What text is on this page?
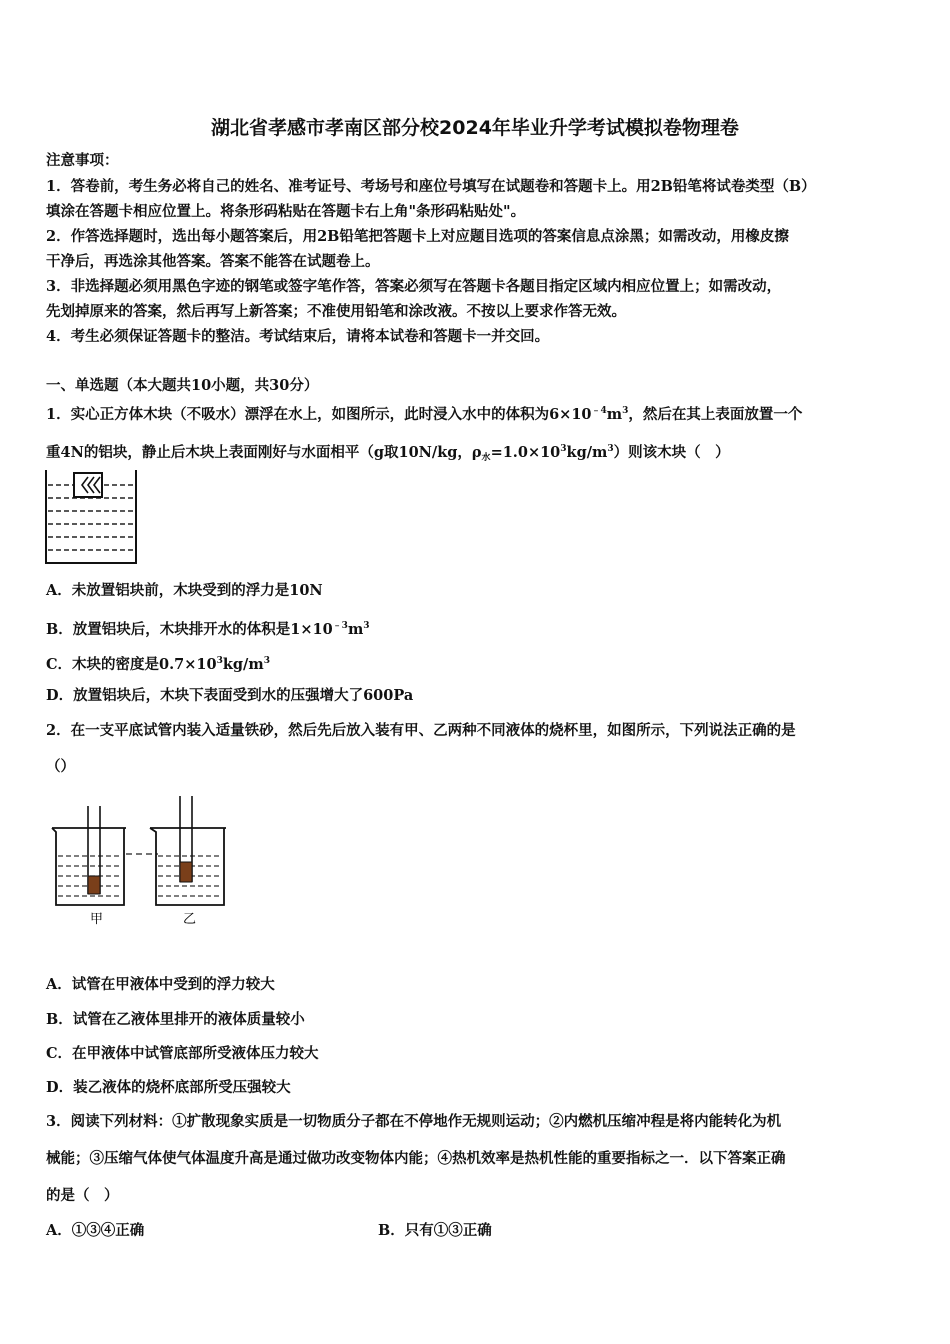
湖北省孝感市孝南区部分校2024年毕业升学考试模拟卷物理卷
注意事项：
1．答卷前，考生务必将自己的姓名、准考证号、考场号和座位号填写在试题卷和答题卡上。用2B铅笔将试卷类型（B）
填涂在答题卡相应位置上。将条形码粘贴在答题卡右上角"条形码粘贴处"。
2．作答选择题时，选出每小题答案后，用2B铅笔把答题卡上对应题目选项的答案信息点涂黑；如需改动，用橡皮擦
干净后，再选涂其他答案。答案不能答在试题卷上。
3．非选择题必须用黑色字迹的钢笔或签字笔作答，答案必须写在答题卡各题目指定区域内相应位置上；如需改动，
先划掉原来的答案，然后再写上新答案；不准使用铅笔和涂改液。不按以上要求作答无效。
4．考生必须保证答题卡的整洁。考试结束后，请将本试卷和答题卡一并交回。
一、单选题（本大题共10小题，共30分）
1．实心正方体木块（不吸水）漂浮在水上，如图所示，此时浸入水中的体积为$6\times 10^{﹣4}m^3$，然后在其上表面放置一个
重4N的铝块，静止后木块上表面刚好与水面相平（g取10N/kg，$\rho_水=1.0\times 10^3kg/m^3$）则该木块（　）
A．未放置铝块前，木块受到的浮力是10N
B．放置铝块后，木块排开水的体积是$1\times 10^{﹣3}m^3$
C．木块的密度是$0.7\times 10^3kg/m^3$
D．放置铝块后，木块下表面受到水的压强增大了600Pa
2．在一支平底试管内装入适量铁砂，然后先后放入装有甲、乙两种不同液体的烧杯里，如图所示，下列说法正确的是
（）
甲	乙
A．试管在甲液体中受到的浮力较大
B．试管在乙液体里排开的液体质量较小
C．在甲液体中试管底部所受液体压力较大
D．装乙液体的烧杯底部所受压强较大
3．阅读下列材料：①扩散现象实质是一切物质分子都在不停地作无规则运动；②内燃机压缩冲程是将内能转化为机
械能；③压缩气体使气体温度升高是通过做功改变物体内能；④热机效率是热机性能的重要指标之一．以下答案正确
的是（　）
A．①③④正确	B．只有①③正确
